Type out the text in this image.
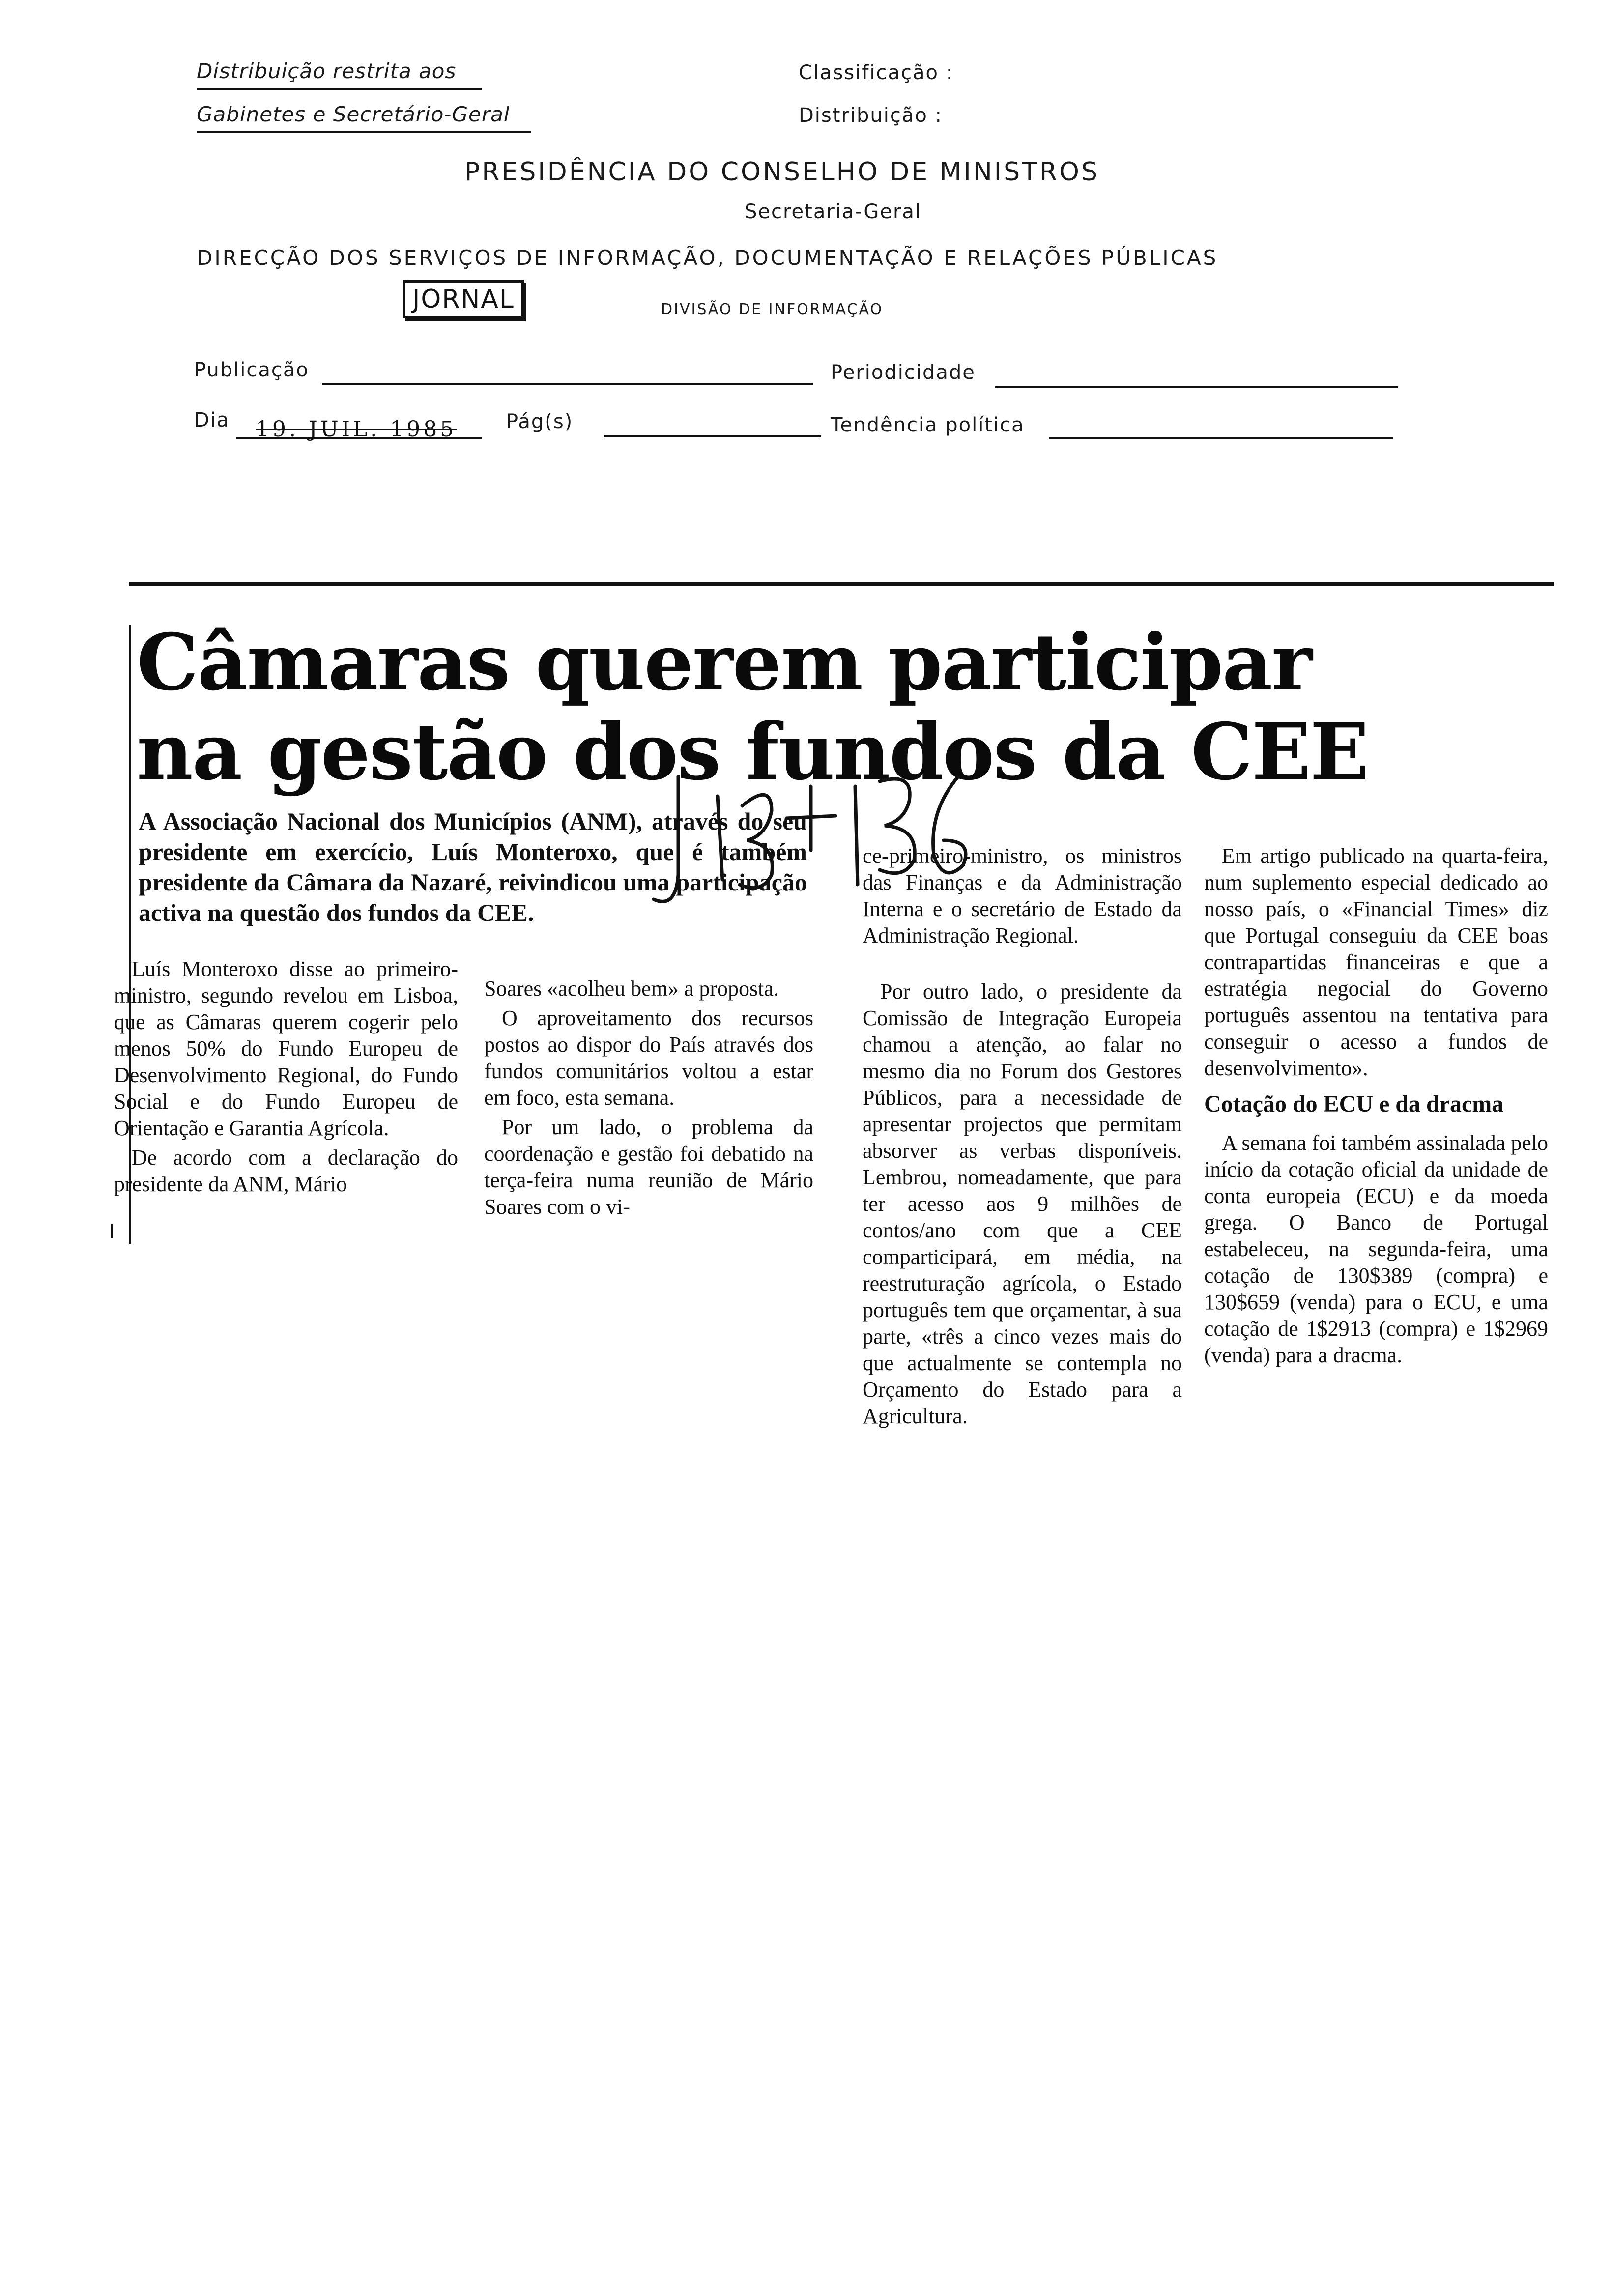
Distribuição restrita aos
Gabinetes e Secretário-Geral
Classificação :
Distribuição :
PRESIDÊNCIA DO CONSELHO DE MINISTROS
Secretaria-Geral
DIRECÇÃO DOS SERVIÇOS DE INFORMAÇÃO, DOCUMENTAÇÃO E RELAÇÕES PÚBLICAS
JORNAL	DIVISÃO DE INFORMAÇÃO
Publicação	Periodicidade
Dia 19. JUIL. 1985	Pág(s)	Tendência política
Câmaras querem participar
na gestão dos fundos da CEE
A Associação Nacional dos Municípios (ANM), através do seu presidente em exercício, Luís Monteroxo, que é também presidente da Câmara da Nazaré, reivindicou uma participação activa na questão dos fundos da CEE.

Luís Monteroxo disse ao primeiro-ministro, segundo revelou em Lisboa, que as Câmaras querem cogerir pelo menos 50% do Fundo Europeu de Desenvolvimento Regional, do Fundo Social e do Fundo Europeu de Orientação e Garantia Agrícola.

De acordo com a declaração do presidente da ANM, Mário

Soares «acolheu bem» a proposta.

O aproveitamento dos recursos postos ao dispor do País através dos fundos comunitários voltou a estar em foco, esta semana.

Por um lado, o problema da coordenação e gestão foi debatido na terça-feira numa reunião de Mário Soares com o vi-

ce-primeiro-ministro, os ministros das Finanças e da Administração Interna e o secretário de Estado da Administração Regional.

Por outro lado, o presidente da Comissão de Integração Europeia chamou a atenção, ao falar no mesmo dia no Forum dos Gestores Públicos, para a necessidade de apresentar projectos que permitam absorver as verbas disponíveis. Lembrou, nomeadamente, que para ter acesso aos 9 milhões de contos/ano com que a CEE comparticipará, em média, na reestruturação agrícola, o Estado português tem que orçamentar, à sua parte, «três a cinco vezes mais do que actualmente se contempla no Orçamento do Estado para a Agricultura.

Em artigo publicado na quarta-feira, num suplemento especial dedicado ao nosso país, o «Financial Times» diz que Portugal conseguiu da CEE boas contrapartidas financeiras e que a estratégia negocial do Governo português assentou na tentativa para conseguir o acesso a fundos de desenvolvimento».

Cotação do ECU e da dracma

A semana foi também assinalada pelo início da cotação oficial da unidade de conta europeia (ECU) e da moeda grega. O Banco de Portugal estabeleceu, na segunda-feira, uma cotação de 130$389 (compra) e 130$659 (venda) para o ECU, e uma cotação de 1$2913 (compra) e 1$2969 (venda) para a dracma.
